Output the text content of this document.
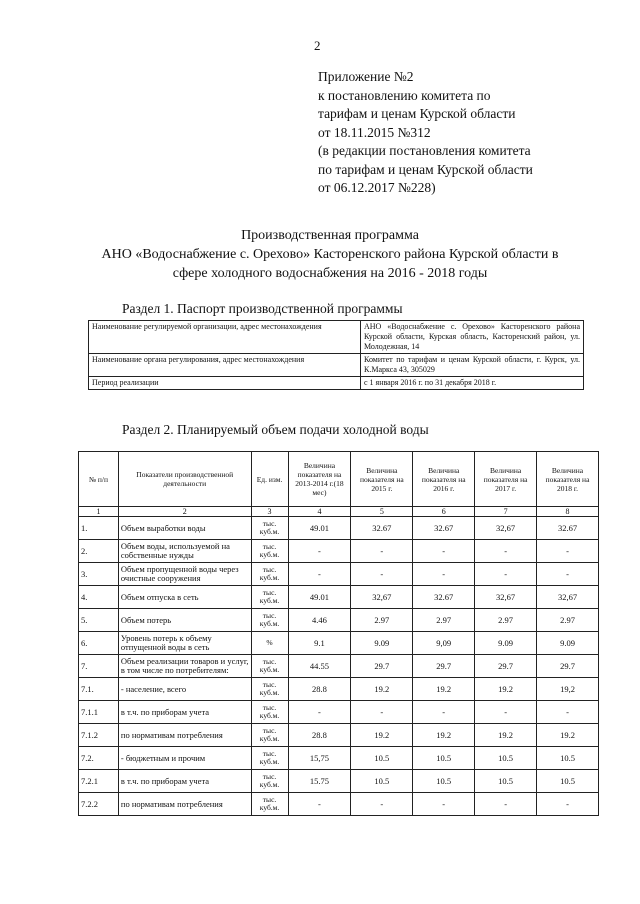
2
Приложение №2
к постановлению комитета по
тарифам и ценам Курской области
от 18.11.2015 №312
(в редакции постановления комитета
по тарифам и ценам Курской области
от 06.12.2017 №228)
Производственная программа
АНО «Водоснабжение с. Орехово» Касторенского района Курской области в
сфере холодного водоснабжения на 2016 - 2018 годы
Раздел 1. Паспорт производственной программы
Наименование регулируемой организации, адрес местонахождения	АНО «Водоснабжение с. Орехово» Касторенского района Курской области, Курская область, Касторенский район, ул. Молодежная, 14
Наименование органа регулирования, адрес местонахождения	Комитет по тарифам и ценам Курской области, г. Курск, ул. К.Маркса 43, 305029
Период реализации	с 1 января 2016 г. по 31 декабря 2018 г.
Раздел 2. Планируемый объем подачи холодной воды
№ п/п	Показатели производственной деятельности	Ед. изм.	Величина показателя на 2013-2014 г.(18 мес)	Величина показателя на 2015 г.	Величина показателя на 2016 г.	Величина показателя на 2017 г.	Величина показателя на 2018 г.
1	2	3	4	5	6	7	8
1.	Объем выработки воды	тыс. куб.м.	49.01	32.67	32.67	32,67	32.67
2.	Объем воды, используемой на собственные нужды	тыс. куб.м.	-	-	-	-	-
3.	Объем пропущенной воды через очистные сооружения	тыс. куб.м.	-	-	-	-	-
4.	Объем отпуска в сеть	тыс. куб.м.	49.01	32,67	32.67	32,67	32,67
5.	Объем потерь	тыс. куб.м.	4.46	2.97	2.97	2.97	2.97
6.	Уровень потерь к объему отпущенной воды в сеть	%	9.1	9.09	9,09	9.09	9.09
7.	Объем реализации товаров и услуг, в том числе по потребителям:	тыс. куб.м.	44.55	29.7	29.7	29.7	29.7
7.1.	- население, всего	тыс. куб.м.	28.8	19.2	19.2	19.2	19,2
7.1.1	в т.ч. по приборам учета	тыс. куб.м.	-	-	-	-	-
7.1.2	по нормативам потребления	тыс. куб.м.	28.8	19.2	19.2	19.2	19.2
7.2.	- бюджетным и прочим	тыс. куб.м.	15,75	10.5	10.5	10.5	10.5
7.2.1	в т.ч. по приборам учета	тыс. куб.м.	15.75	10.5	10.5	10.5	10.5
7.2.2	по нормативам потребления	тыс. куб.м.	-	-	-	-	-
